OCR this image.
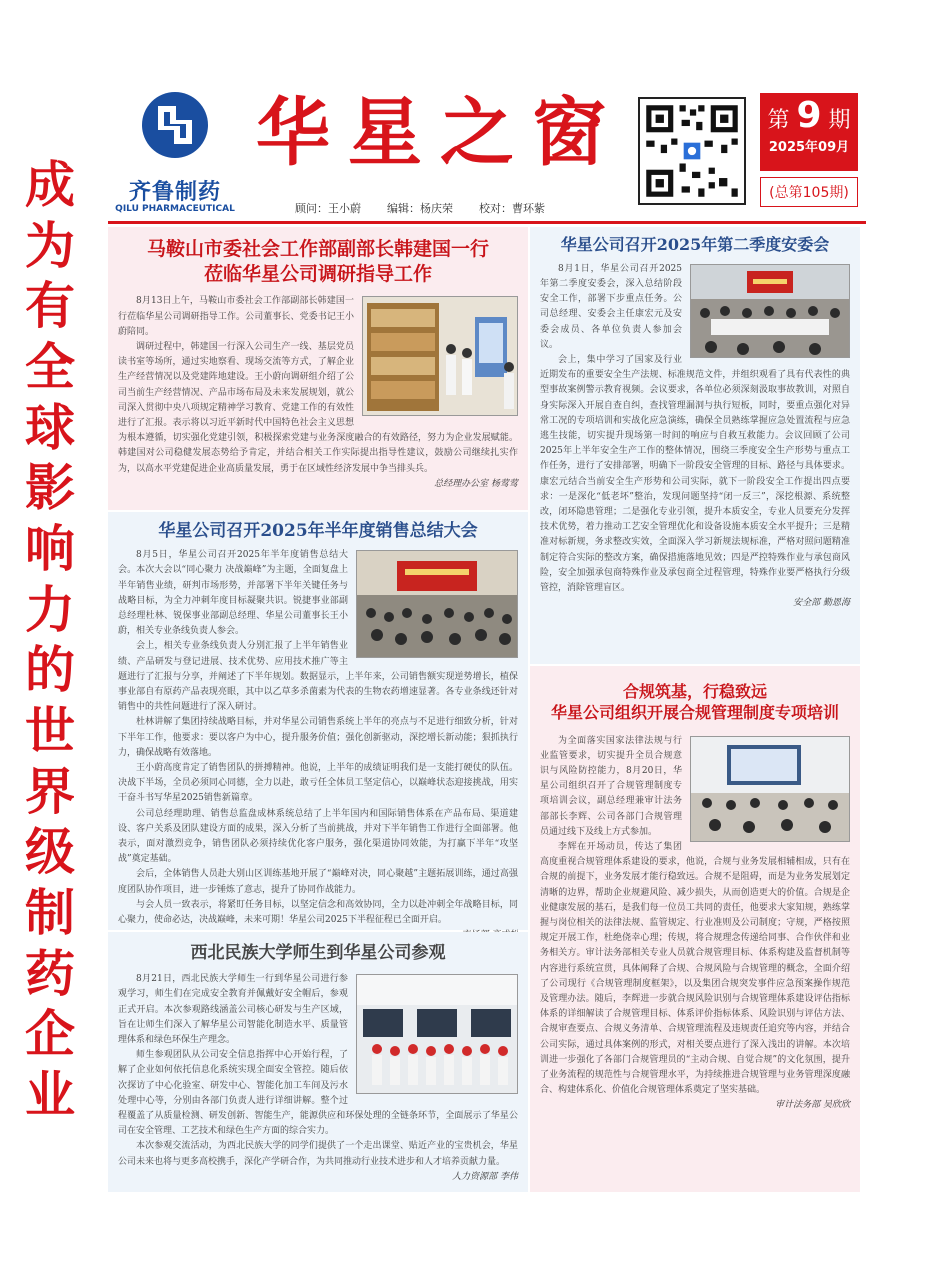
成
为
有
全
球
影
响
力
的
世
界
级
制
药
企
业
齐鲁制药
QILU PHARMACEUTICAL
华星之窗
顾问：王小蔚 编辑：杨庆荣 校对：曹环紫
第 9 期
2025年09月
(总第105期)
马鞍山市委社会工作部副部长韩建国一行
莅临华星公司调研指导工作

8月13日上午，马鞍山市委社会工作部副部长韩建国一行莅临华星公司调研指导工作。公司董事长、党委书记王小蔚陪同。

调研过程中，韩建国一行深入公司生产一线、基层党员读书室等场所，通过实地察看、现场交流等方式，了解企业生产经营情况以及党建阵地建设。王小蔚向调研组介绍了公司当前生产经营情况、产品市场布局及未来发展规划，就公司深入贯彻中央八项规定精神学习教育、党建工作的有效性进行了汇报。表示将以习近平新时代中国特色社会主义思想为根本遵循，切实强化党建引领，积极探索党建与业务深度融合的有效路径，努力为企业发展赋能。韩建国对公司稳健发展态势给予肯定，并结合相关工作实际提出指导性建议，鼓励公司继续扎实作为，以高水平党建促进企业高质量发展，勇于在区域性经济发展中争当排头兵。

总经理办公室 杨莺莺
华星公司召开2025年半年度销售总结大会

8月5日，华星公司召开2025年半年度销售总结大会。本次大会以“同心聚力 决战巅峰”为主题，全面复盘上半年销售业绩，研判市场形势，并部署下半年关键任务与战略目标，为全力冲刺年度目标凝聚共识。锐捷事业部副总经理杜林、锐保事业部副总经理、华星公司董事长王小蔚，相关专业条线负责人参会。

会上，相关专业条线负责人分别汇报了上半年销售业绩、产品研发与登记进展、技术优势、应用技术推广等主题进行了汇报与分享，并阐述了下半年规划。数据显示，上半年来，公司销售额实现逆势增长，植保事业部自有原药产品表现亮眼，其中以乙草多杀菌素为代表的生物农药增速显著。各专业条线还针对销售中的共性问题进行了深入研讨。

杜林讲解了集团持续战略目标，并对华星公司销售系统上半年的亮点与不足进行细致分析，针对下半年工作，他要求：要以客户为中心，提升服务价值；强化创新驱动，深挖增长新动能；狠抓执行力，确保战略有效落地。

王小蔚高度肯定了销售团队的拼搏精神。他说，上半年的成绩证明我们是一支能打硬仗的队伍。决战下半场，全员必须同心同德，全力以赴，敢亏任全体员工坚定信心，以巅峰状态迎接挑战，用实干奋斗书写华星2025销售新篇章。

公司总经理助理、销售总监盘成林系统总结了上半年国内和国际销售体系在产品布局、渠道建设、客户关系及团队建设方面的成果，深入分析了当前挑战，并对下半年销售工作进行全面部署。他表示，面对激烈竞争，销售团队必须持续优化客户服务，强化渠道协同效能，为打赢下半年“攻坚战”奠定基础。

会后，全体销售人员赴大别山区训练基地开展了“巅峰对决，同心聚越”主题拓展训练，通过高强度团队协作项目，进一步锤炼了意志，提升了协同作战能力。

与会人员一致表示，将紧盯任务目标，以坚定信念和高效协同，全力以赴冲刺全年战略目标，同心聚力，使命必达，决战巅峰，未来可期！华星公司2025下半程征程已全面开启。

西北民族大学师生到华星公司参观

8月21日，西北民族大学师生一行到华星公司进行参观学习，师生们在完成安全教育并佩戴好安全帽后，参观正式开启。本次参观路线涵盖公司核心研发与生产区域，旨在让师生们深入了解华星公司智能化制造水平、质量管理体系和绿色环保生产理念。

师生参观团队从公司安全信息指挥中心开始行程，了解了企业如何依托信息化系统实现全面安全管控。随后依次探访了中心化验室、研发中心、智能化加工车间及污水处理中心等，分别由各部门负责人进行详细讲解。整个过程覆盖了从质量检测、研发创新、智能生产，能源供应和环保处理的全链条环节，全面展示了华星公司在安全管理、工艺技术和绿色生产方面的综合实力。

本次参观交流活动，为西北民族大学的同学们提供了一个走出课堂、贴近产业的宝贵机会，华星公司未来也将与更多高校携手，深化产学研合作，为共同推动行业技术进步和人才培养贡献力量。

人力资源部 李伟
华星公司召开2025年第二季度安委会

8月1日，华星公司召开2025年第二季度安委会，深入总结阶段安全工作，部署下步重点任务。公司总经理、安委会主任康宏元及安委会成员、各单位负责人参加会议。

会上，集中学习了国家及行业近期发布的重要安全生产法规、标准规范文件，并组织观看了具有代表性的典型事故案例警示教育视频。会议要求，各单位必须深刻汲取事故教训，对照自身实际深入开展自查自纠，查找管理漏洞与执行短板，同时，要重点强化对异常工况的专项培训和实战化应急演练，确保全员熟练掌握应急处置流程与应急逃生技能，切实提升现场第一时间的响应与自救互救能力。会议回顾了公司2025年上半年安全生产工作的整体情况，围绕三季度安全生产形势与重点工作任务，进行了安排部署，明确下一阶段安全管理的目标、路径与具体要求。康宏元结合当前安全生产形势和公司实际，就下一阶段安全工作提出四点要求：一是深化“低老坏”整治，发现问题坚持“闭一反三”，深挖根源、系统整改，闭环隐患管理；二是强化专业引领，提升本质安全，专业人员要充分发挥技术优势，着力推动工艺安全管理优化和设备设施本质安全水平提升；三是精准对标新规，务求整改实效，全面深入学习新规法规标准，严格对照问题精准制定符合实际的整改方案，确保措施落地见效；四是严控特殊作业与承包商风险，安全加强承包商特殊作业及承包商全过程管理，特殊作业要严格执行分级管控，消除管理盲区。

安全部 勤恩海
合规筑基，行稳致远
华星公司组织开展合规管理制度专项培训

为全面落实国家法律法规与行业监管要求，切实提升全员合规意识与风险防控能力，8月20日，华星公司组织召开了合规管理制度专项培训会议，副总经理兼审计法务部部长李辉、公司各部门合规管理员通过线下及线上方式参加。

李辉在开场动员，传达了集团高度重视合规管理体系建设的要求，他说，合规与业务发展相辅相成，只有在合规的前提下，业务发展才能行稳致远。合规不是阻碍，而是为业务发展划定清晰的边界，帮助企业规避风险、减少损失，从而创造更大的价值。合规是企业健康发展的基石，是我们每一位员工共同的责任，他要求大家知规，熟练掌握与岗位相关的法律法规、监管规定、行业准则及公司制度；守规，严格按照规定开展工作，杜绝侥幸心理；传规，将合规理念传递给同事、合作伙伴和业务相关方。审计法务部相关专业人员就合规管理目标、体系构建及监督机制等内容进行系统宣贯，具体阐释了合规、合规风险与合规管理的概念，全面介绍了公司现行《合规管理制度框架》，以及集团合规突发事件应急预案操作规范及管理办法。随后，李辉进一步就合规风险识别与合规管理体系建设评估指标体系的详细解读了合规管理目标、体系评价指标体系、风险识别与评估方法、合规审查要点、合规义务清单、合规管理流程及违规责任追究等内容，并结合公司实际，通过具体案例的形式，对相关要点进行了深入浅出的讲解。本次培训进一步强化了各部门合规管理员的“主动合规、自觉合规”的文化氛围，提升了业务流程的规范性与合规管理水平，为持续推进合规管理与业务管理深度融合、构建体系化、价值化合规管理体系奠定了坚实基础。

审计法务部 吴欣欣
